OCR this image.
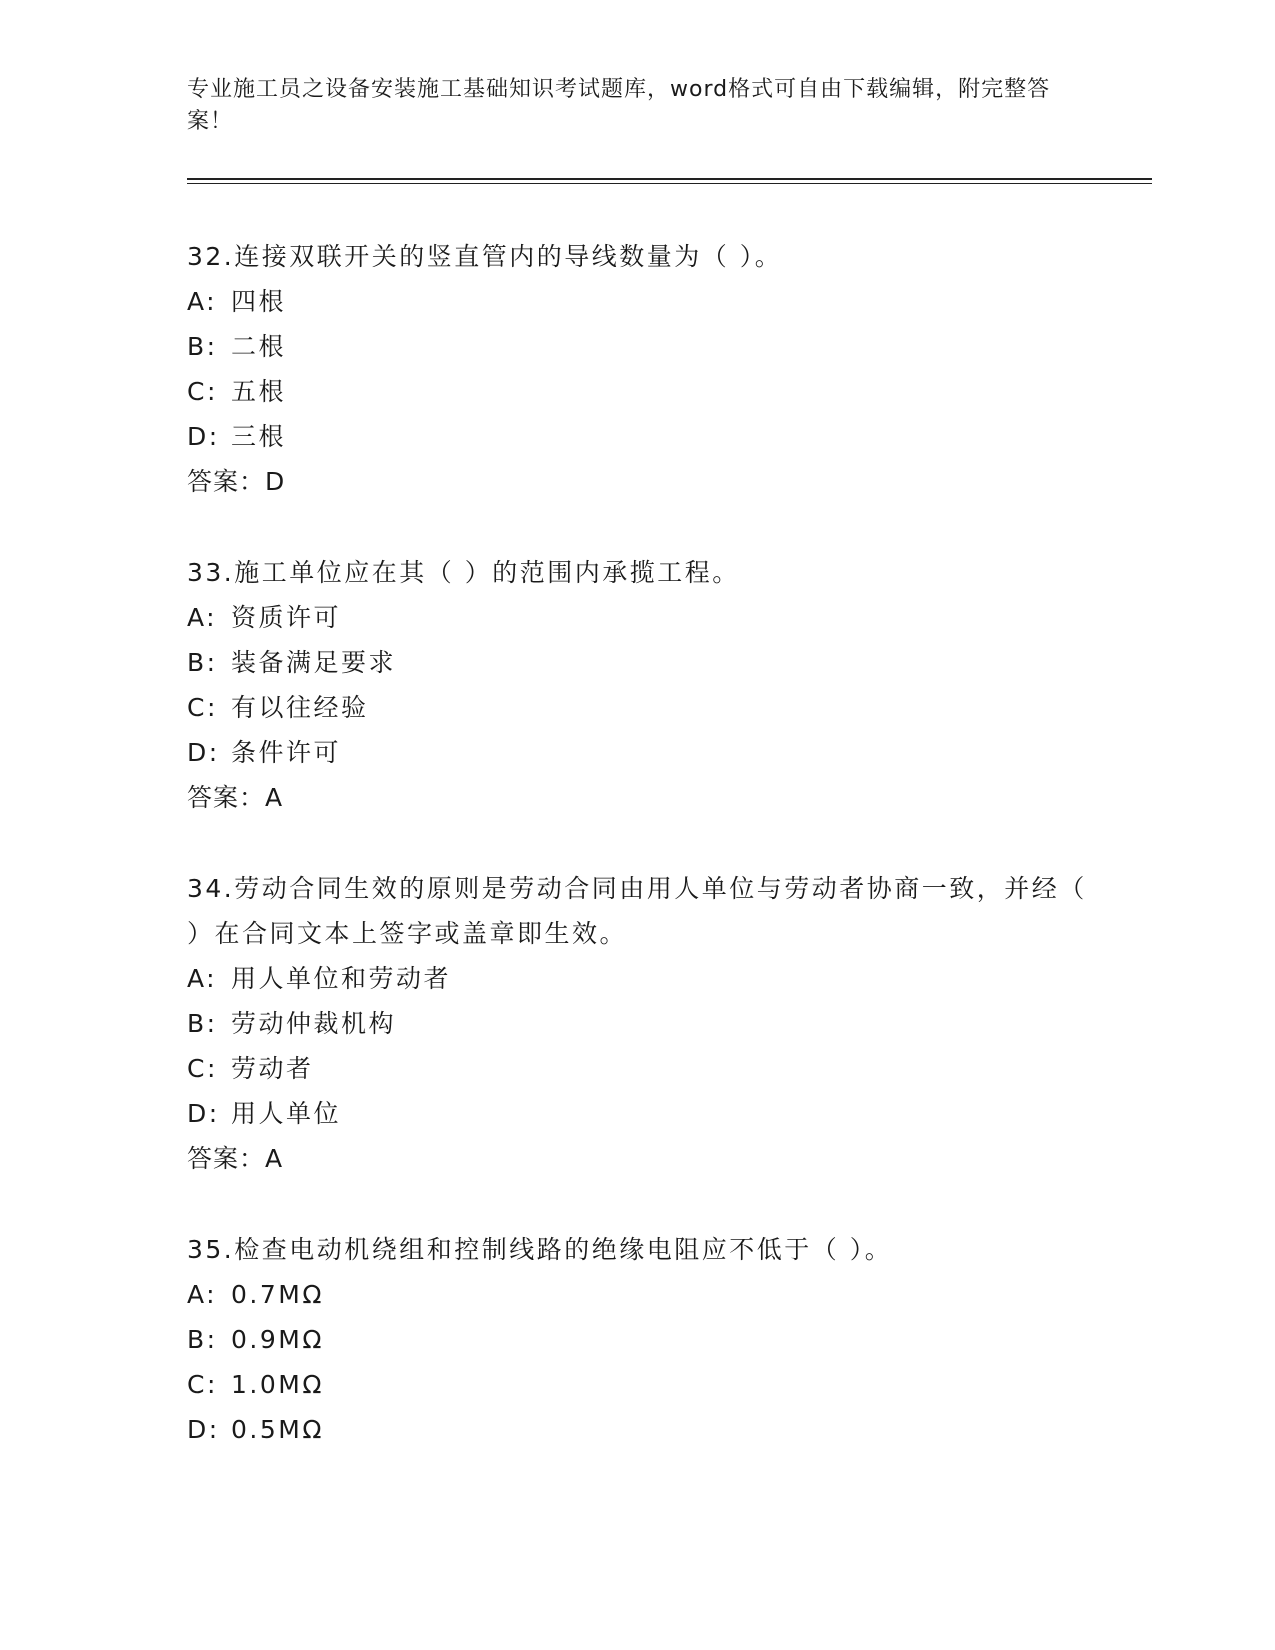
专业施工员之设备安装施工基础知识考试题库，word格式可自由下载编辑，附完整答案！

32.连接双联开关的竖直管内的导线数量为（ ）。

A: 四根
B: 二根
C: 五根
D: 三根

答案：D

33.施工单位应在其（ ）的范围内承揽工程。

A: 资质许可
B: 装备满足要求
C: 有以往经验
D: 条件许可

答案：A

34.劳动合同生效的原则是劳动合同由用人单位与劳动者协商一致，并经（ ）在合同文本上签字或盖章即生效。

A: 用人单位和劳动者
B: 劳动仲裁机构
C: 劳动者
D: 用人单位

答案：A

35.检查电动机绕组和控制线路的绝缘电阻应不低于（ ）。

A: 0.7MΩ
B: 0.9MΩ
C: 1.0MΩ
D: 0.5MΩ
